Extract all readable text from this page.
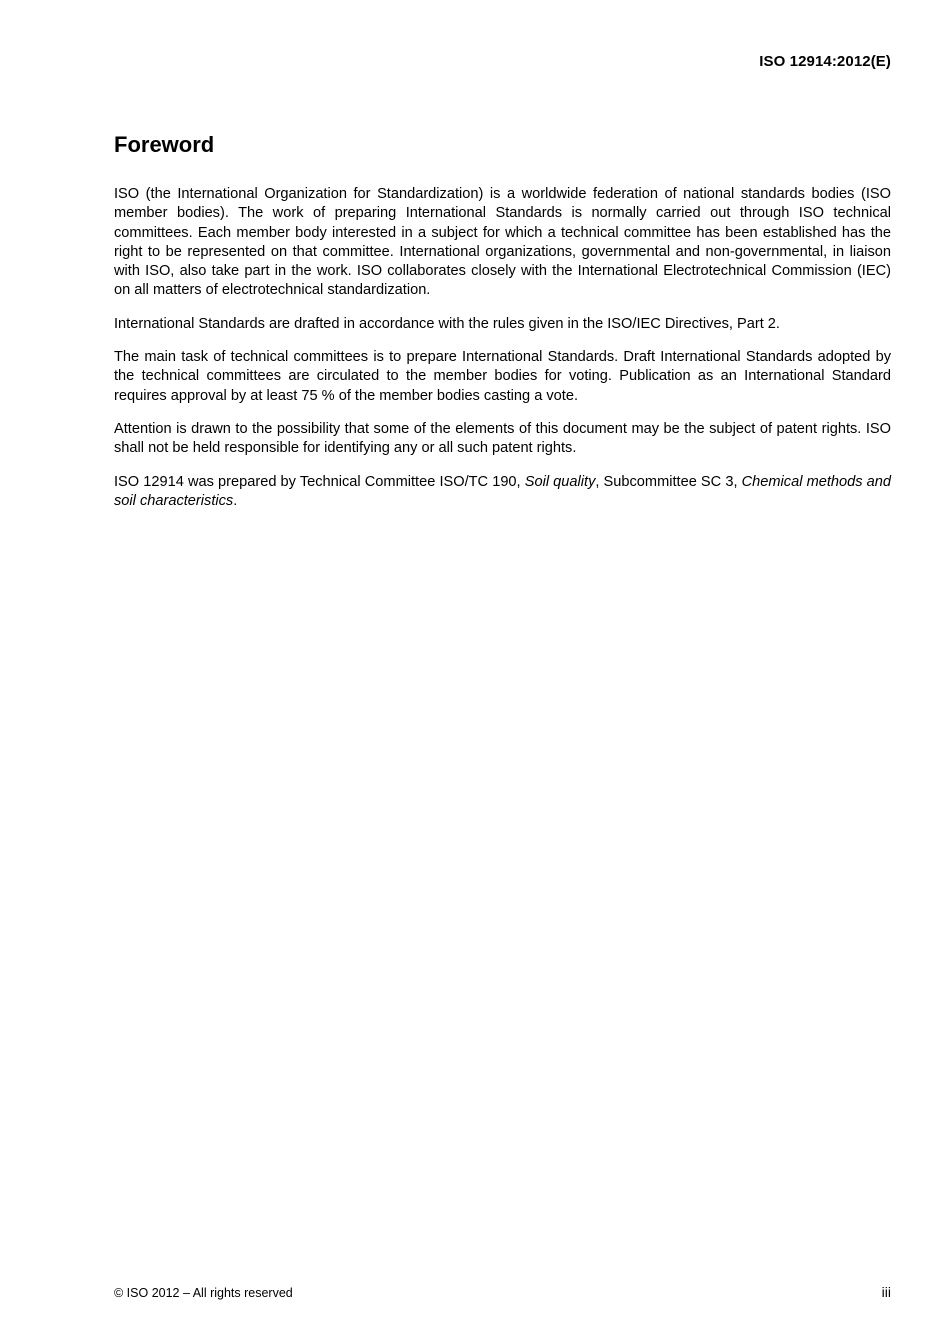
ISO 12914:2012(E)
Foreword

ISO (the International Organization for Standardization) is a worldwide federation of national standards bodies (ISO member bodies). The work of preparing International Standards is normally carried out through ISO technical committees. Each member body interested in a subject for which a technical committee has been established has the right to be represented on that committee. International organizations, governmental and non-governmental, in liaison with ISO, also take part in the work. ISO collaborates closely with the International Electrotechnical Commission (IEC) on all matters of electrotechnical standardization.

International Standards are drafted in accordance with the rules given in the ISO/IEC Directives, Part 2.

The main task of technical committees is to prepare International Standards. Draft International Standards adopted by the technical committees are circulated to the member bodies for voting. Publication as an International Standard requires approval by at least 75 % of the member bodies casting a vote.

Attention is drawn to the possibility that some of the elements of this document may be the subject of patent rights. ISO shall not be held responsible for identifying any or all such patent rights.

ISO 12914 was prepared by Technical Committee ISO/TC 190, Soil quality, Subcommittee SC 3, Chemical methods and soil characteristics.

© ISO 2012 – All rights reserved	iii
